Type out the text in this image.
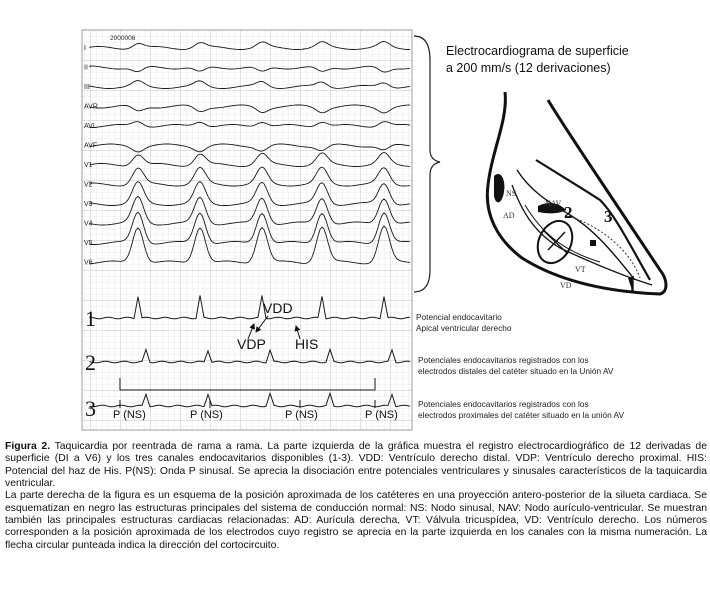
2000006
I
II
III
AVR
AVL
AVF
V1
V2
V3
V4
V5
V6
1
2
3
VDD
VDP HIS
P (NS)	P (NS)	P (NS)	P (NS)
Electrocardiograma de superficie
a 200 mm/s (12 derivaciones)
NS
NAV
AD
VT
VD
2 3
1
Potencial endocavitario
Apical ventricular derecho
Potenciales endocavitarios registrados con los
electrodos distales del catéter situado en la Unión AV
Potenciales endocavitarios registrados con los
electrodos proximales del catéter situado en la unión AV

Figura 2. Taquicardia por reentrada de rama a rama. La parte izquierda de la gráfica muestra el registro electrocardiográfico de 12 derivadas de superficie (DI a V6) y los tres canales endocavitarios disponibles (1-3). VDD: Ventrículo derecho distal. VDP: Ventrículo derecho proximal. HIS: Potencial del haz de His. P(NS): Onda P sinusal. Se aprecia la disociación entre potenciales ventriculares y sinusales característicos de la taquicardia ventricular.

La parte derecha de la figura es un esquema de la posición aproximada de los catéteres en una proyección antero-posterior de la silueta cardiaca. Se esquematizan en negro las estructuras principales del sistema de conducción normal: NS: Nodo sinusal, NAV: Nodo aurículo-ventricular. Se muestran también las principales estructuras cardiacas relacionadas: AD: Aurícula derecha, VT: Válvula tricuspídea, VD: Ventrículo derecho. Los números corresponden a la posición aproximada de los electrodos cuyo registro se aprecia en la parte izquierda en los canales con la misma numeración. La flecha circular punteada indica la dirección del cortocircuito.
